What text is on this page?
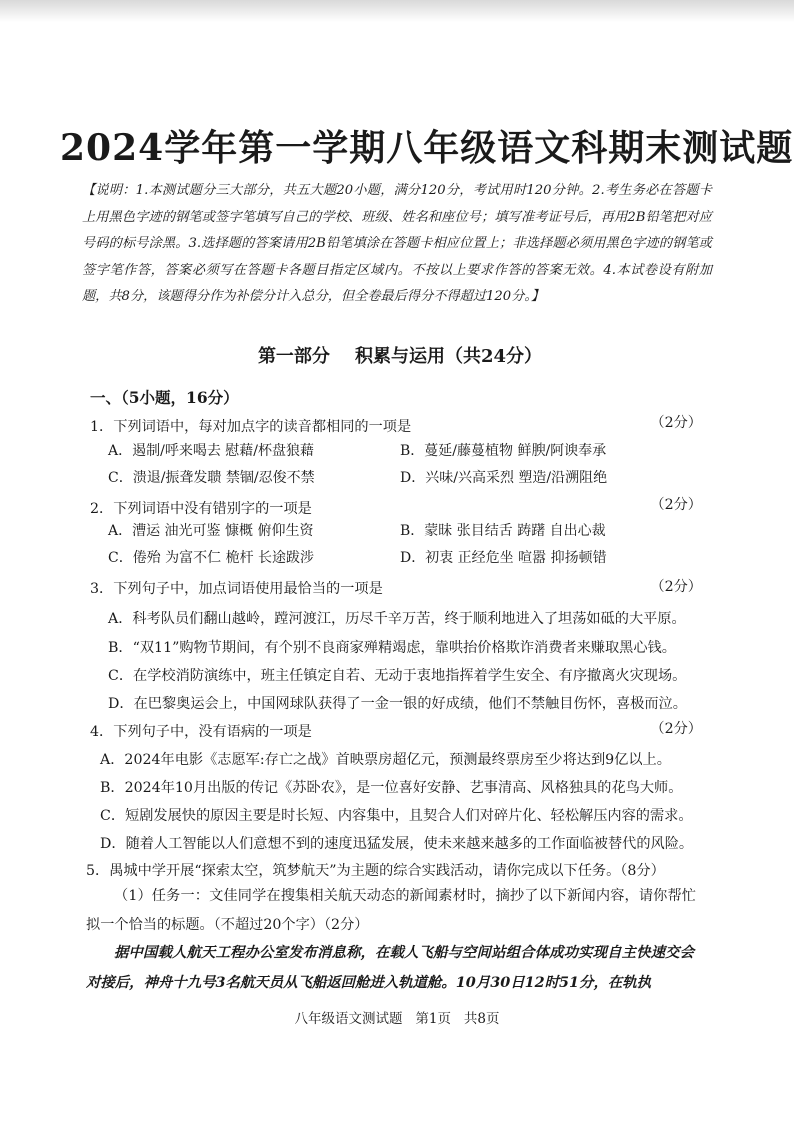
2024学年第一学期八年级语文科期末测试题
【说明：1.本测试题分三大部分，共五大题20小题，满分120分，考试用时120分钟。2.考生务必在答题卡上用黑色字迹的钢笔或签字笔填写自己的学校、班级、姓名和座位号；填写准考证号后，再用2B铅笔把对应号码的标号涂黑。3.选择题的答案请用2B铅笔填涂在答题卡相应位置上；非选择题必须用黑色字迹的钢笔或签字笔作答，答案必须写在答题卡各题目指定区域内。不按以上要求作答的答案无效。4.本试卷设有附加题，共8分，该题得分作为补偿分计入总分，但全卷最后得分不得超过120分。】
第一部分    积累与运用（共24分）
一、（5小题，16分）
1．下列词语中，每对加点字的读音都相同的一项是	（2分）
A．遏制/呼来喝去 慰藉/杯盘狼藉	B．蔓延/藤蔓植物 鲜腴/阿谀奉承
C．溃退/振聋发聩 禁锢/忍俊不禁	D．兴味/兴高采烈 塑造/沿溯阻绝
2．下列词语中没有错别字的一项是	（2分）
A．漕运 油光可鉴 慷概 俯仰生资	B．蒙昧 张目结舌 踌躇 自出心裁
C．倦殆 为富不仁 桅杆 长途跋涉	D．初衷 正经危坐 喧嚣 抑扬顿错
3．下列句子中，加点词语使用最恰当的一项是	（2分）
A．科考队员们翻山越岭，蹚河渡江，历尽千辛万苦，终于顺利地进入了坦荡如砥的大平原。
B．“双11”购物节期间，有个别不良商家殚精竭虑，靠哄抬价格欺诈消费者来赚取黑心钱。
C．在学校消防演练中，班主任镇定自若、无动于衷地指挥着学生安全、有序撤离火灾现场。
D．在巴黎奥运会上，中国网球队获得了一金一银的好成绩，他们不禁触目伤怀，喜极而泣。
4．下列句子中，没有语病的一项是	（2分）
A．2024年电影《志愿军:存亡之战》首映票房超亿元，预测最终票房至少将达到9亿以上。
B．2024年10月出版的传记《苏卧农》，是一位喜好安静、艺事清高、风格独具的花鸟大师。
C．短剧发展快的原因主要是时长短、内容集中，且契合人们对碎片化、轻松解压内容的需求。
D．随着人工智能以人们意想不到的速度迅猛发展，使未来越来越多的工作面临被替代的风险。
5．禺城中学开展“探索太空，筑梦航天”为主题的综合实践活动，请你完成以下任务。（8分）
（1）任务一：文佳同学在搜集相关航天动态的新闻素材时，摘抄了以下新闻内容，请你帮忙拟一个恰当的标题。（不超过20个字）（2分）
据中国载人航天工程办公室发布消息称，在载人飞船与空间站组合体成功实现自主快速交会对接后，神舟十九号3名航天员从飞船返回舱进入轨道舱。10月30日12时51分，在轨执
八年级语文测试题   第1页   共8页
